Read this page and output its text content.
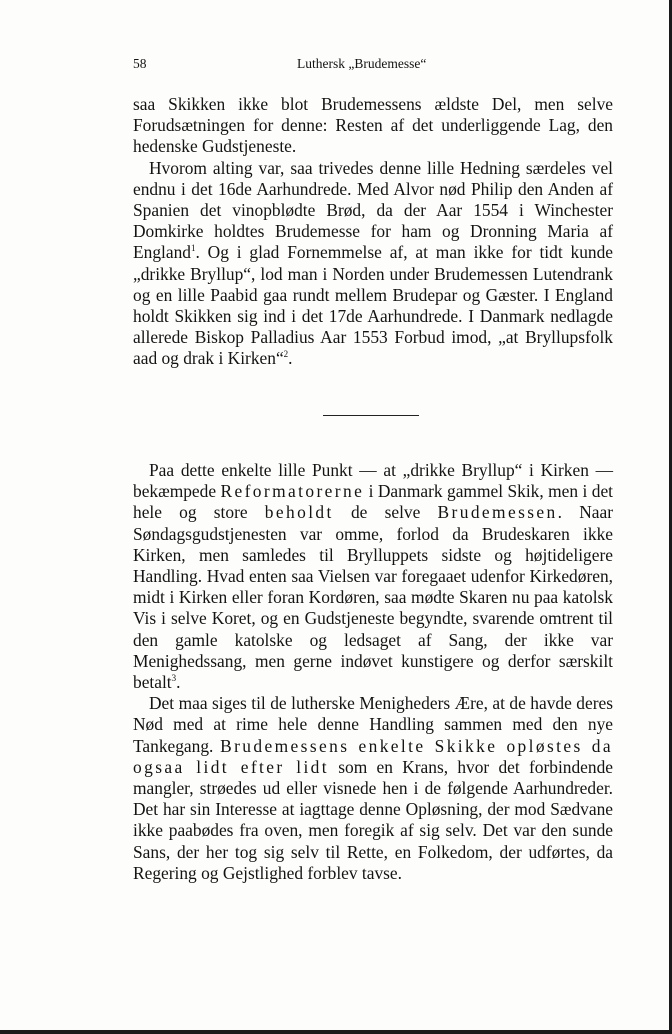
58	Luthersk „Brudemesse“

saa Skikken ikke blot Brudemessens ældste Del, men selve Forudsætningen for denne: Resten af det underliggende Lag, den hedenske Gudstjeneste.

Hvorom alting var, saa trivedes denne lille Hedning særdeles vel endnu i det 16de Aarhundrede. Med Alvor nød Philip den Anden af Spanien det vinopblødte Brød, da der Aar 1554 i Winchester Domkirke holdtes Brudemesse for ham og Dronning Maria af England$^1$. Og i glad Fornemmelse af, at man ikke for tidt kunde „drikke Bryllup“, lod man i Norden under Brudemessen Lutendrank og en lille Paabid gaa rundt mellem Brudepar og Gæster. I England holdt Skikken sig ind i det 17de Aarhundrede. I Danmark nedlagde allerede Biskop Palladius Aar 1553 Forbud imod, „at Bryllupsfolk aad og drak i Kirken“$^2$.

Paa dette enkelte lille Punkt — at „drikke Bryllup“ i Kirken — bekæmpede Reformatorerne i Danmark gammel Skik, men i det hele og store beholdt de selve Brudemessen. Naar Søndagsgudstjenesten var omme, forlod da Brudeskaren ikke Kirken, men samledes til Brylluppets sidste og højtideligere Handling. Hvad enten saa Vielsen var foregaaet udenfor Kirkedøren, midt i Kirken eller foran Kordøren, saa mødte Skaren nu paa katolsk Vis i selve Koret, og en Gudstjeneste begyndte, svarende omtrent til den gamle katolske og ledsaget af Sang, der ikke var Menighedssang, men gerne indøvet kunstigere og derfor særskilt betalt$^3$.

Det maa siges til de lutherske Menigheders Ære, at de havde deres Nød med at rime hele denne Handling sammen med den nye Tankegang. Brudemessens enkelte Skikke opløstes da ogsaa lidt efter lidt som en Krans, hvor det forbindende mangler, strøedes ud eller visnede hen i de følgende Aarhundreder. Det har sin Interesse at iagttage denne Opløsning, der mod Sædvane ikke paabødes fra oven, men foregik af sig selv. Det var den sunde Sans, der her tog sig selv til Rette, en Folkedom, der udførtes, da Regering og Gejstlighed forblev tavse.
